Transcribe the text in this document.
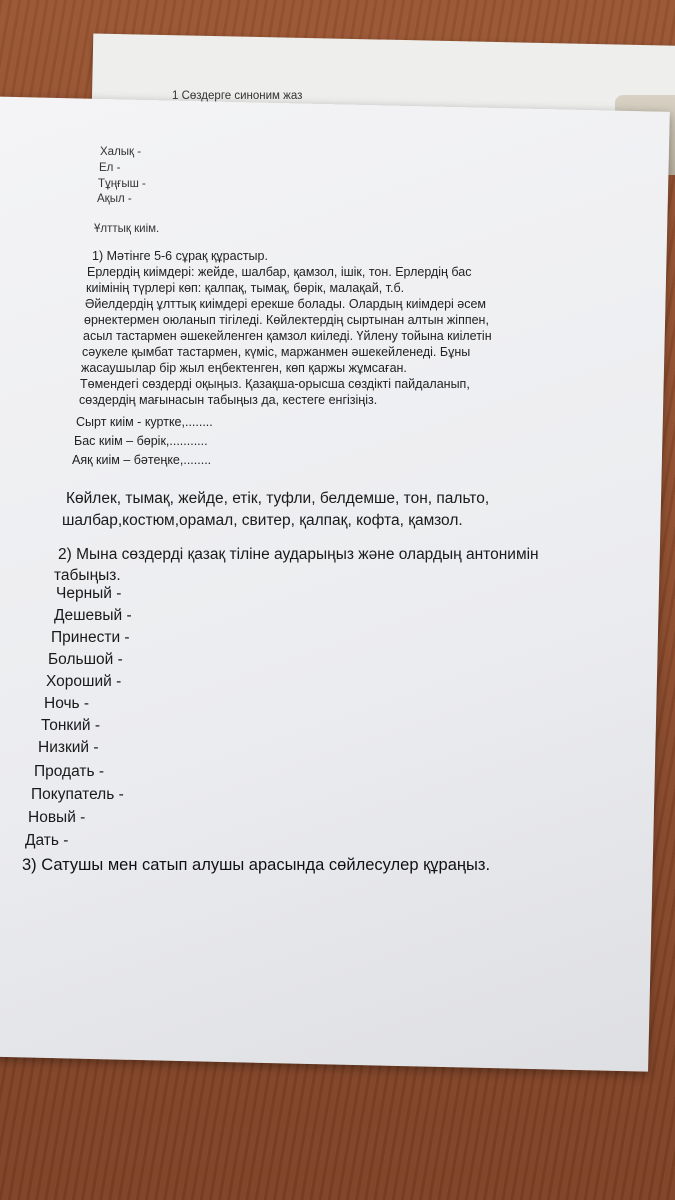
1 Сөздерге синоним жаз
Халық -
Ел -
Тұңғыш -
Ақыл -
Ұлттық киім.
1) Мәтінге 5-6 сұрақ құрастыр.
Ерлердің киімдері: жейде, шалбар, қамзол, ішік, тон. Ерлердің бас
киімінің түрлері көп: қалпақ, тымақ, бөрік, малақай, т.б.
Әйелдердің ұлттық киімдері ерекше болады. Олардың киімдері әсем
өрнектермен оюланып тігіледі. Көйлектердің сыртынан алтын жіппен,
асыл тастармен әшекейленген қамзол киіледі. Үйлену тойына киілетін
сәукеле қымбат тастармен, күміс, маржанмен әшекейленеді. Бұны
жасаушылар бір жыл еңбектенген, көп қаржы жұмсаған.
Төмендегі сөздерді оқыңыз. Қазақша-орысша сөздікті пайдаланып,
сөздердің мағынасын табыңыз да, кестеге енгізіңіз.
Сырт киім - куртке,........
Бас киім – бөрік,...........
Аяқ киім – бәтеңке,........
Көйлек, тымақ, жейде, етік, туфли, белдемше, тон, пальто,
шалбар,костюм,орамал, свитер, қалпақ, кофта, қамзол.
2) Мына сөздерді қазақ тіліне аударыңыз және олардың антонимін
табыңыз.
Черный -
Дешевый -
Принести -
Большой -
Хороший -
Ночь -
Тонкий -
Низкий -
Продать -
Покупатель -
Новый -
Дать -
3) Сатушы мен сатып алушы арасында сөйлесулер құраңыз.
